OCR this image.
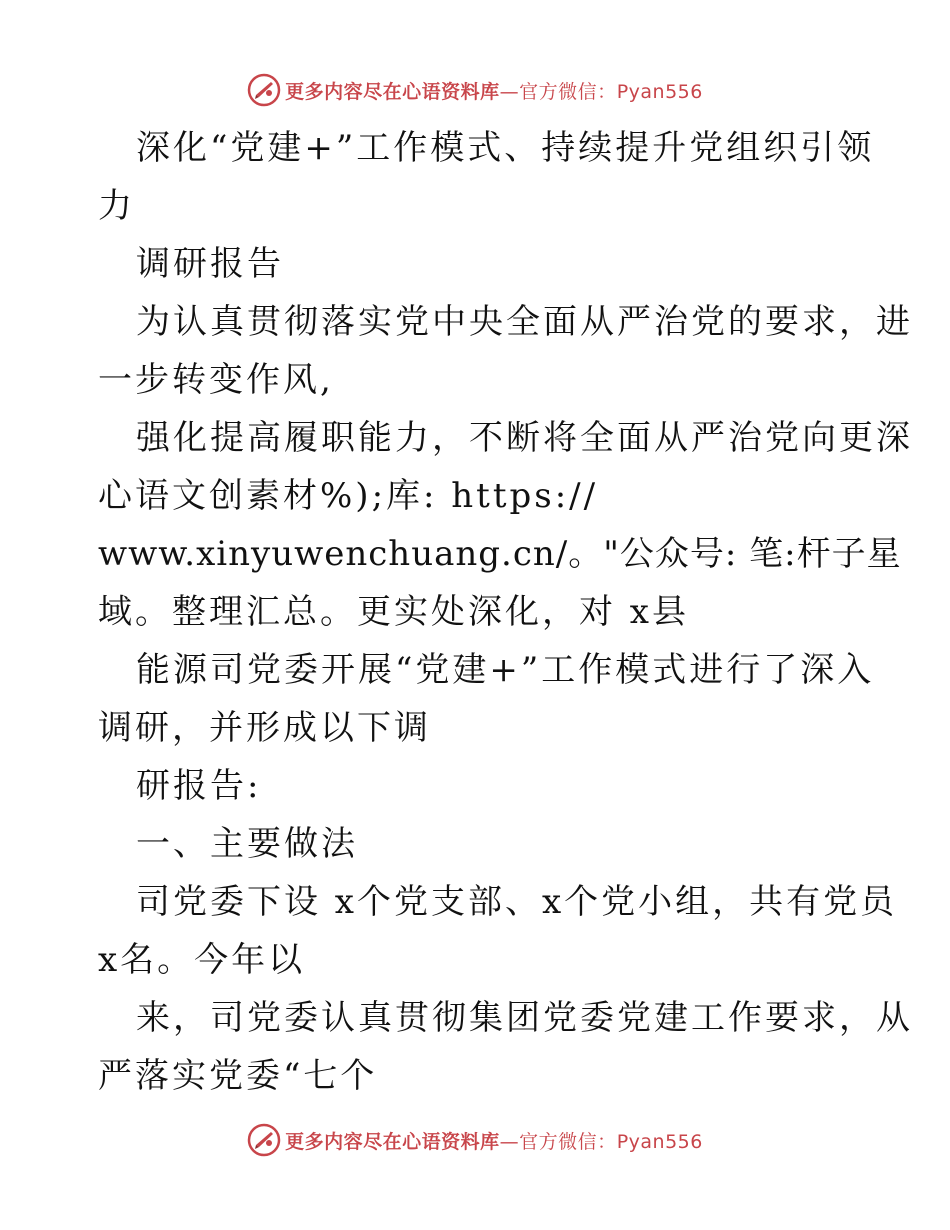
更多内容尽在心语资料库—官方微信：Pyan556
深化“党建+”工作模式、持续提升党组织引领
力
调研报告
为认真贯彻落实党中央全面从严治党的要求，进
一步转变作风,
强化提高履职能力，不断将全面从严治党向更深
心语文创素材%);库: https://
www.xinyuwenchuang.cn/。"公众号: 笔:杆子星
域。整理汇总。更实处深化，对 x县
能源司党委开展“党建+”工作模式进行了深入
调研，并形成以下调
研报告:
一、主要做法
司党委下设 x个党支部、x个党小组，共有党员
x名。今年以
来，司党委认真贯彻集团党委党建工作要求，从
严落实党委“七个
更多内容尽在心语资料库—官方微信：Pyan556
